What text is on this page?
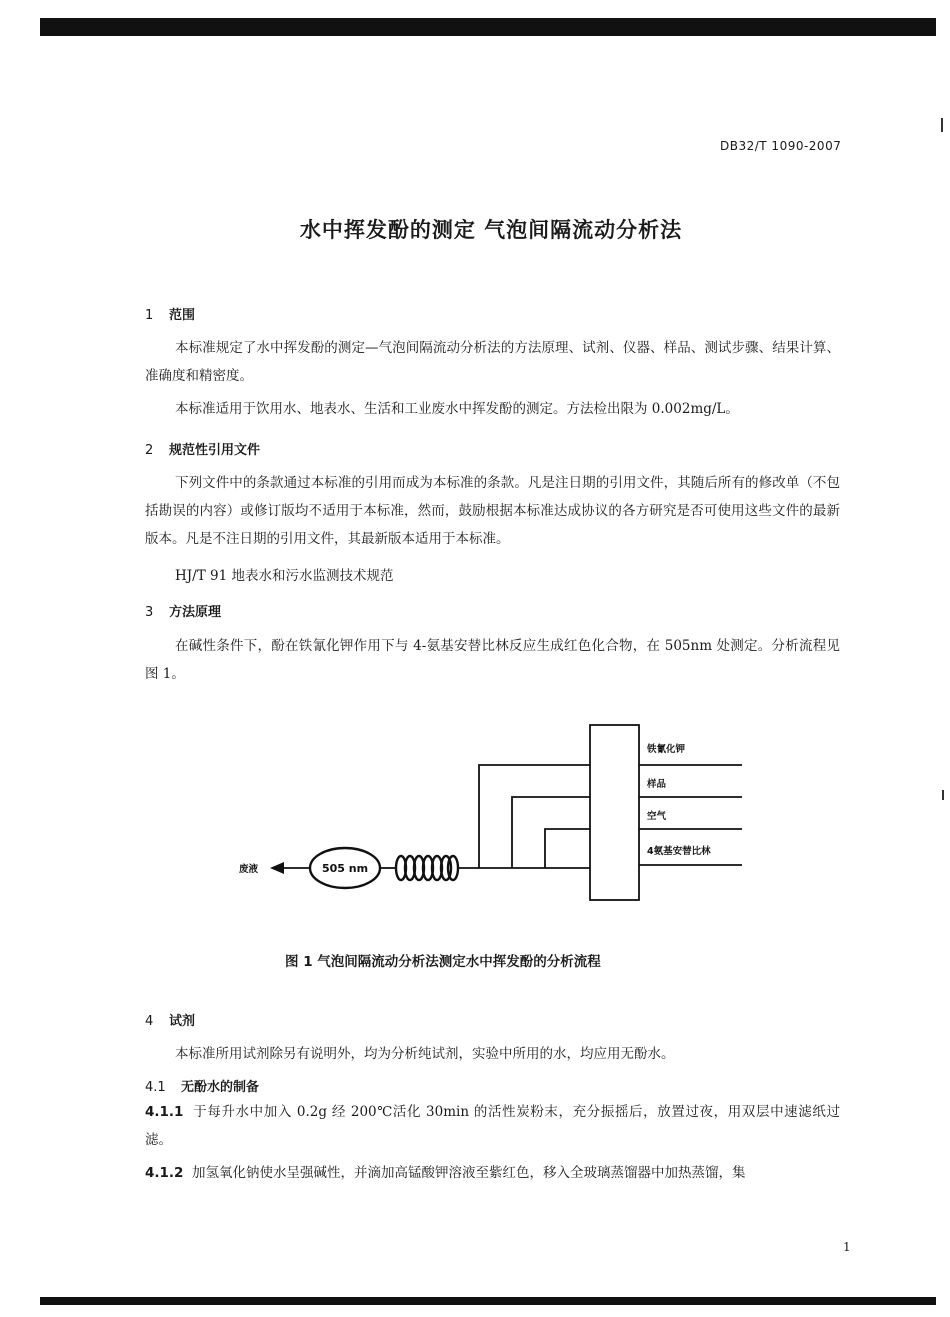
DB32/T 1090-2007
水中挥发酚的测定 气泡间隔流动分析法
1 范围

本标准规定了水中挥发酚的测定—气泡间隔流动分析法的方法原理、试剂、仪器、样品、测试步骤、结果计算、准确度和精密度。

本标准适用于饮用水、地表水、生活和工业废水中挥发酚的测定。方法检出限为 0.002mg/L。

2 规范性引用文件

下列文件中的条款通过本标准的引用而成为本标准的条款。凡是注日期的引用文件，其随后所有的修改单（不包括勘误的内容）或修订版均不适用于本标准，然而，鼓励根据本标准达成协议的各方研究是否可使用这些文件的最新版本。凡是不注日期的引用文件，其最新版本适用于本标准。

HJ/T 91 地表水和污水监测技术规范
3 方法原理

在碱性条件下，酚在铁氰化钾作用下与 4-氨基安替比林反应生成红色化合物，在 505nm 处测定。分析流程见图 1。

铁氰化钾
样品
空气
4氨基安替比林
505 nm
废液
图 1 气泡间隔流动分析法测定水中挥发酚的分析流程
4 试剂

本标准所用试剂除另有说明外，均为分析纯试剂，实验中所用的水，均应用无酚水。

4.1 无酚水的制备

4.1.1 于每升水中加入 0.2g 经 200℃活化 30min 的活性炭粉末，充分振摇后，放置过夜，用双层中速滤纸过滤。

4.1.2 加氢氧化钠使水呈强碱性，并滴加高锰酸钾溶液至紫红色，移入全玻璃蒸馏器中加热蒸馏，集

1
